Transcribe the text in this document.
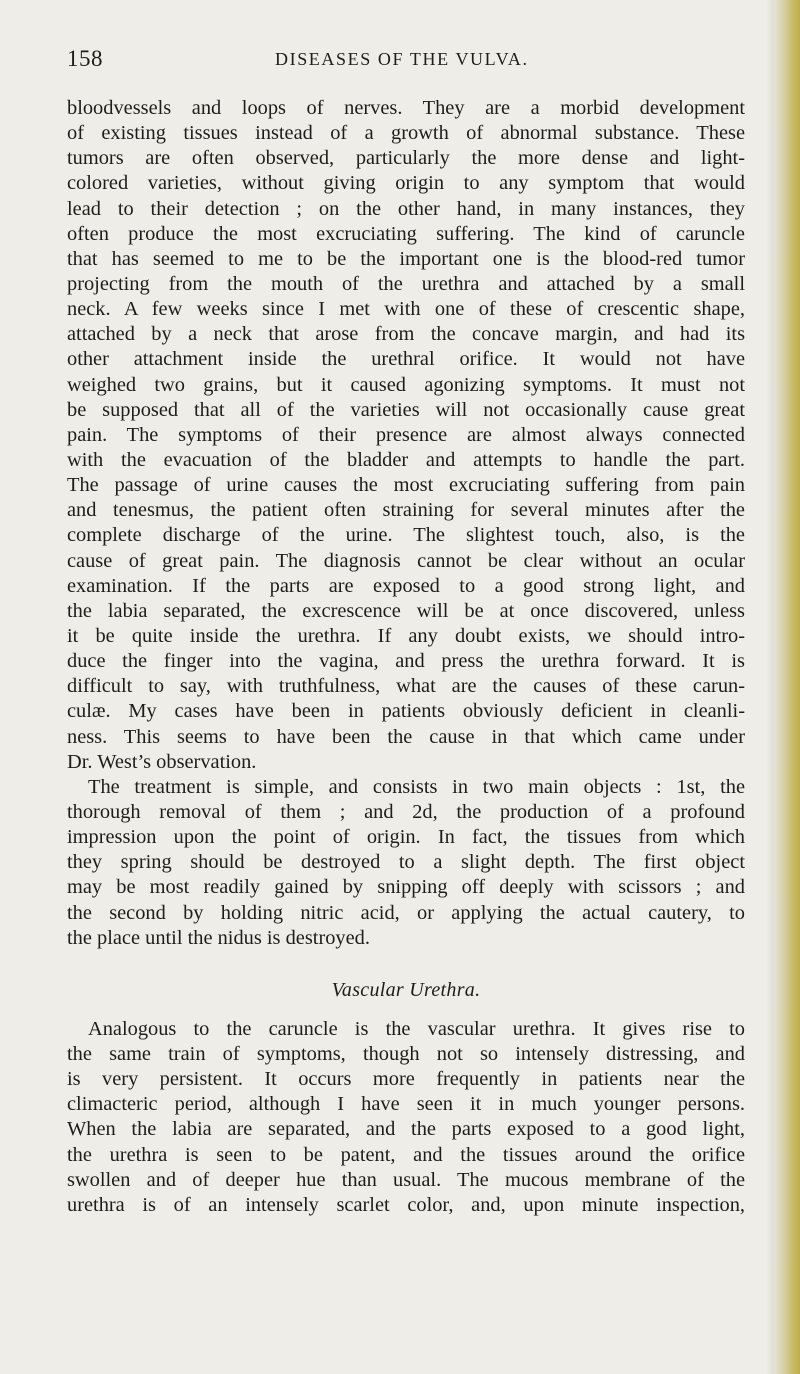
158	DISEASES OF THE VULVA.
bloodvessels and loops of nerves. They are a morbid development
of existing tissues instead of a growth of abnormal substance. These
tumors are often observed, particularly the more dense and light-
colored varieties, without giving origin to any symptom that would
lead to their detection ; on the other hand, in many instances, they
often produce the most excruciating suffering. The kind of caruncle
that has seemed to me to be the important one is the blood-red tumor
projecting from the mouth of the urethra and attached by a small
neck. A few weeks since I met with one of these of crescentic shape,
attached by a neck that arose from the concave margin, and had its
other attachment inside the urethral orifice. It would not have
weighed two grains, but it caused agonizing symptoms. It must not
be supposed that all of the varieties will not occasionally cause great
pain. The symptoms of their presence are almost always connected
with the evacuation of the bladder and attempts to handle the part.
The passage of urine causes the most excruciating suffering from pain
and tenesmus, the patient often straining for several minutes after the
complete discharge of the urine. The slightest touch, also, is the
cause of great pain. The diagnosis cannot be clear without an ocular
examination. If the parts are exposed to a good strong light, and
the labia separated, the excrescence will be at once discovered, unless
it be quite inside the urethra. If any doubt exists, we should intro-
duce the finger into the vagina, and press the urethra forward. It is
difficult to say, with truthfulness, what are the causes of these carun-
culæ. My cases have been in patients obviously deficient in cleanli-
ness. This seems to have been the cause in that which came under
Dr. West’s observation.
The treatment is simple, and consists in two main objects : 1st, the
thorough removal of them ; and 2d, the production of a profound
impression upon the point of origin. In fact, the tissues from which
they spring should be destroyed to a slight depth. The first object
may be most readily gained by snipping off deeply with scissors ; and
the second by holding nitric acid, or applying the actual cautery, to
the place until the nidus is destroyed.
Vascular Urethra.
Analogous to the caruncle is the vascular urethra. It gives rise to
the same train of symptoms, though not so intensely distressing, and
is very persistent. It occurs more frequently in patients near the
climacteric period, although I have seen it in much younger persons.
When the labia are separated, and the parts exposed to a good light,
the urethra is seen to be patent, and the tissues around the orifice
swollen and of deeper hue than usual. The mucous membrane of the
urethra is of an intensely scarlet color, and, upon minute inspection,
